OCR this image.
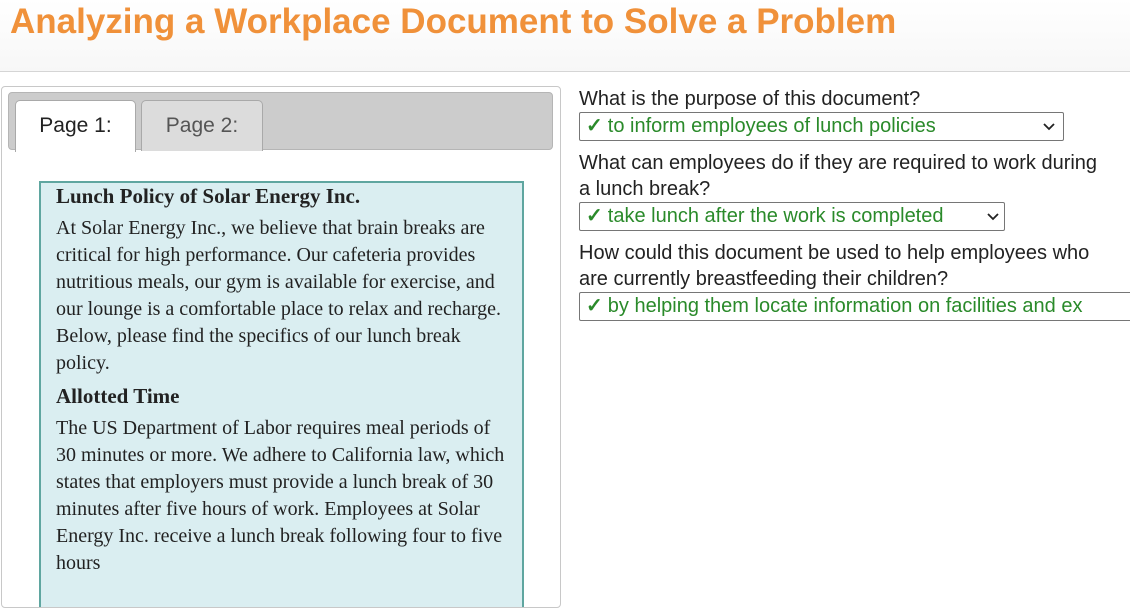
Analyzing a Workplace Document to Solve a Problem
Page 1:	Page 2:
Lunch Policy of Solar Energy Inc.

At Solar Energy Inc., we believe that brain breaks are critical for high performance. Our cafeteria provides nutritious meals, our gym is available for exercise, and our lounge is a comfortable place to relax and recharge. Below, please find the specifics of our lunch break policy.

Allotted Time

The US Department of Labor requires meal periods of 30 minutes or more. We adhere to California law, which states that employers must provide a lunch break of 30 minutes after five hours of work. Employees at Solar Energy Inc. receive a lunch break following four to five hours

What is the purpose of this document?

✓ to inform employees of lunch policies

What can employees do if they are required to work during a lunch break?

✓ take lunch after the work is completed

How could this document be used to help employees who are currently breastfeeding their children?

✓ by helping them locate information on facilities and ex
